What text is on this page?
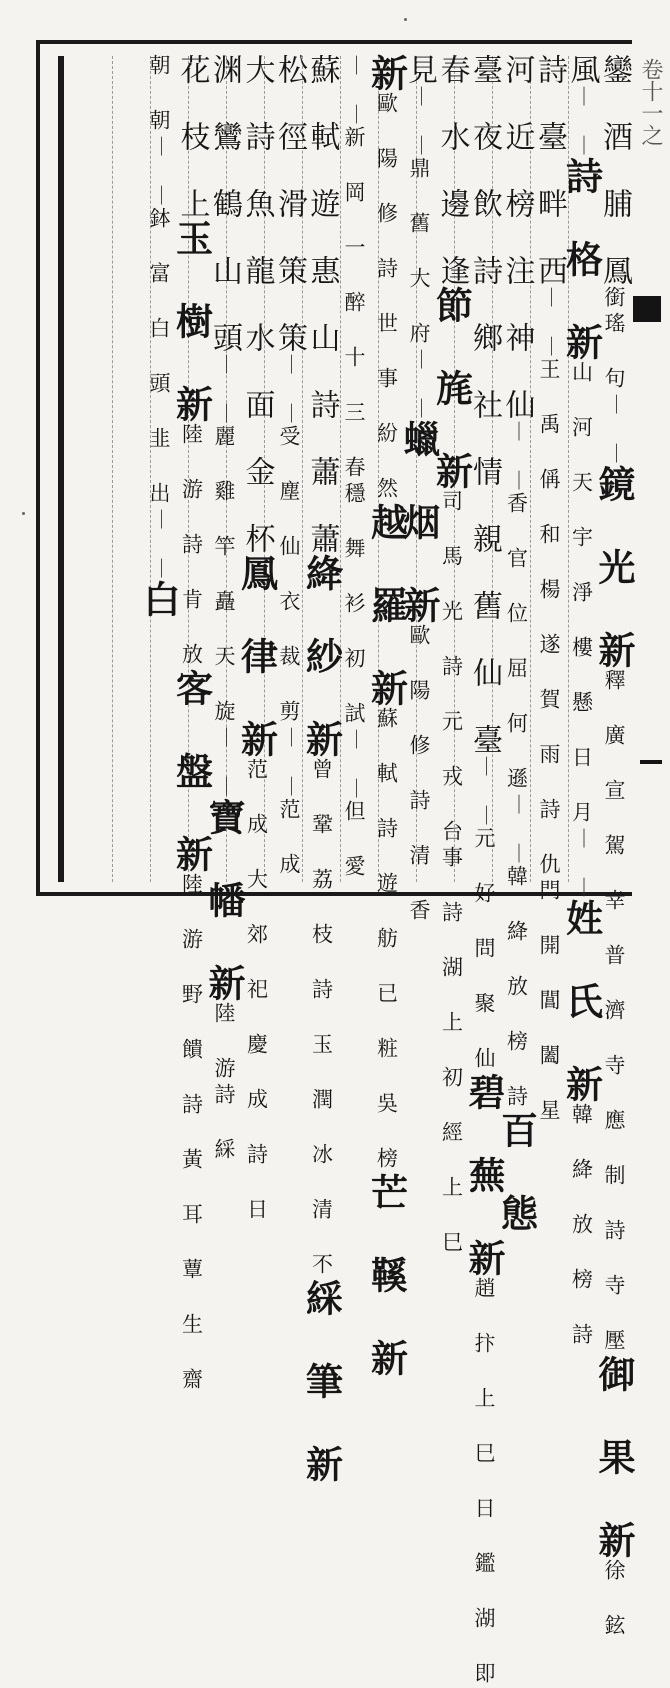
卷十一之
鑾 酒 脯 鳳銜瑤 句︱ ︱鏡 光 新釋 廣 宣 駕 幸 普 濟 寺 應 制 詩 寺 壓御 果 新徐 鉉
風︱ ︱詩 格 新山 河 天 宇 淨 樓 懸 日 月︱ ︱姓 氏 新韓 絳 放 榜 詩
詩 臺 畔 西︱ ︱王 禹 偁 和 楊 遂 賀 雨 詩 仇門 開 閶 闔 星
河 近 榜 注 神 仙︱ ︱香 官 位 屈 何 遜︱ ︱韓 絳 放 榜 詩百 態
臺 夜 飲 詩 鄉 社 情 親 舊 仙 臺︱ ︱元 好 問 聚 仙碧 蕪 新趙 抃 上 巳 日 鑑 湖 即
春 水 邊 逢節 旄 新司 馬 光 詩 元 戎 台事 詩 湖 上 初 經 上 巳
見︱ ︱鼎 舊 大 府︱ ︱蠟 烟 新歐 陽 修 詩 清 香
新歐 陽 修 詩 世 事 紛 然越 羅 新蘇 軾 詩 遊 舫 已 粧 吳 榜芒 鞵 新
︱ ︱新 岡 一 醉 十 三 春穩 舞 衫 初 試︱ ︱但 愛
蘇 軾 遊 惠 山 詩 蕭 蕭絳 紗 新曾 鞏 荔 枝 詩 玉 潤 冰 清 不綵 筆 新
松 徑 滑 策 策︱ ︱受 塵 仙 衣 裁 剪︱ ︱范 成
大 詩 魚 龍 水 面 金 杯鳳 律 新范 成 大 郊 祀 慶 成 詩 日
渊 鸞 鶴 山 頭︱ ︱麗 雞 竿 矗 天 旋︱ ︱寶 幡 新陸 游詩 綵
花 枝 上玉 樹 新陸 游 詩 肯 放客 盤 新陸 游 野 饋 詩 黃 耳 蕈 生 齋
朝 朝︱ ︱鉢 富 白 頭 韭 出︱ ︱白
